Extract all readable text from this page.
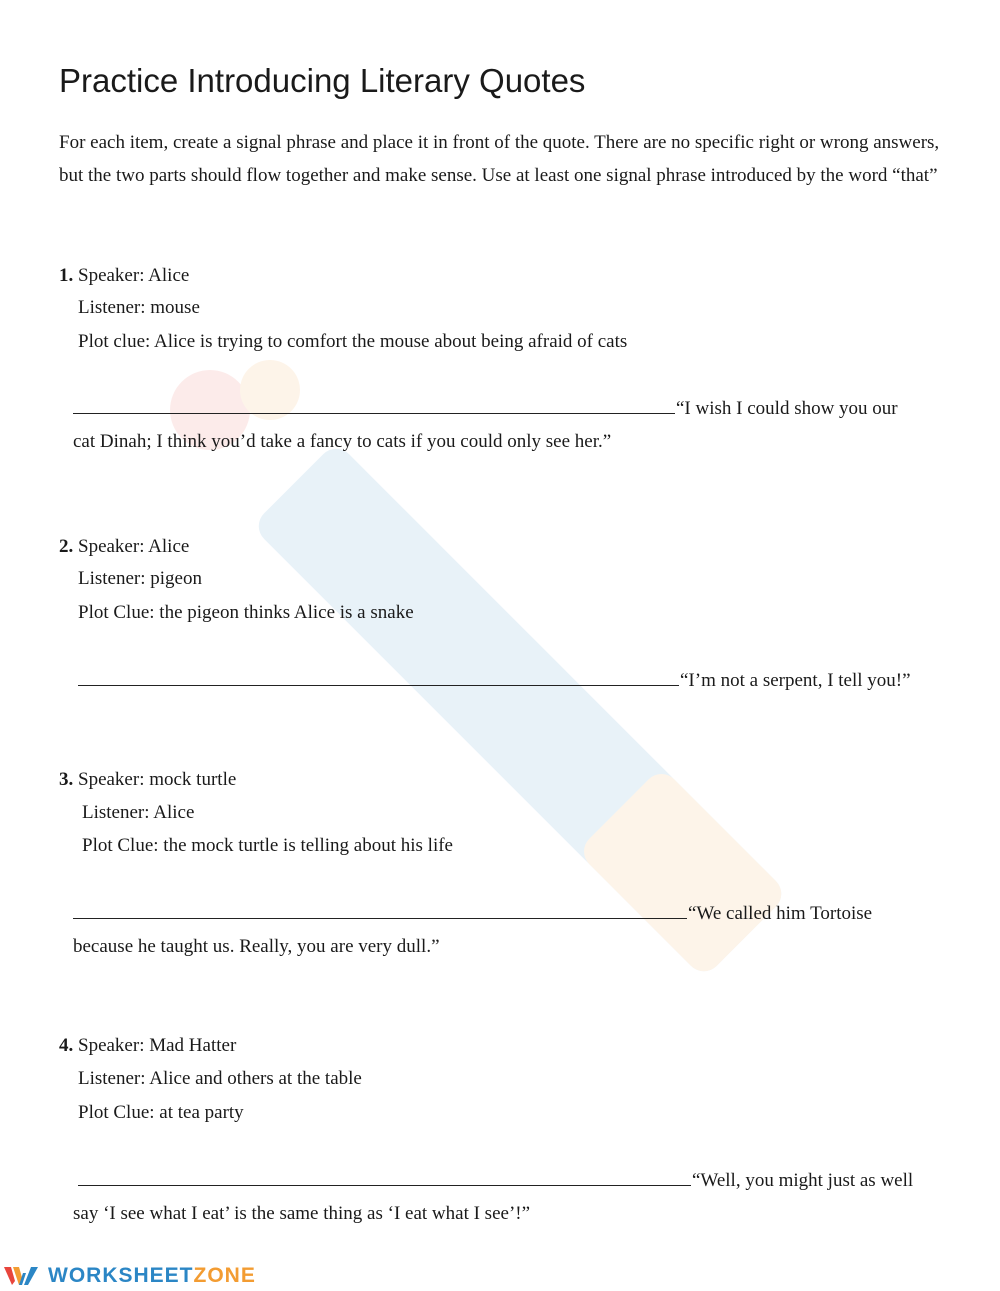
Practice Introducing Literary Quotes

For each item, create a signal phrase and place it in front of the quote. There are no specific right or wrong answers, but the two parts should flow together and make sense. Use at least one signal phrase introduced by the word “that”

1. Speaker: Alice
Listener: mouse
Plot clue: Alice is trying to comfort the mouse about being afraid of cats
“I wish I could show you our
cat Dinah; I think you’d take a fancy to cats if you could only see her.”
2. Speaker: Alice
Listener: pigeon
Plot Clue: the pigeon thinks Alice is a snake
“I’m not a serpent, I tell you!”
3. Speaker: mock turtle
Listener: Alice
Plot Clue: the mock turtle is telling about his life
“We called him Tortoise
because he taught us. Really, you are very dull.”
4. Speaker: Mad Hatter
Listener: Alice and others at the table
Plot Clue: at tea party
“Well, you might just as well
say ‘I see what I eat’ is the same thing as ‘I eat what I see’!”
WORKSHEETZONE
